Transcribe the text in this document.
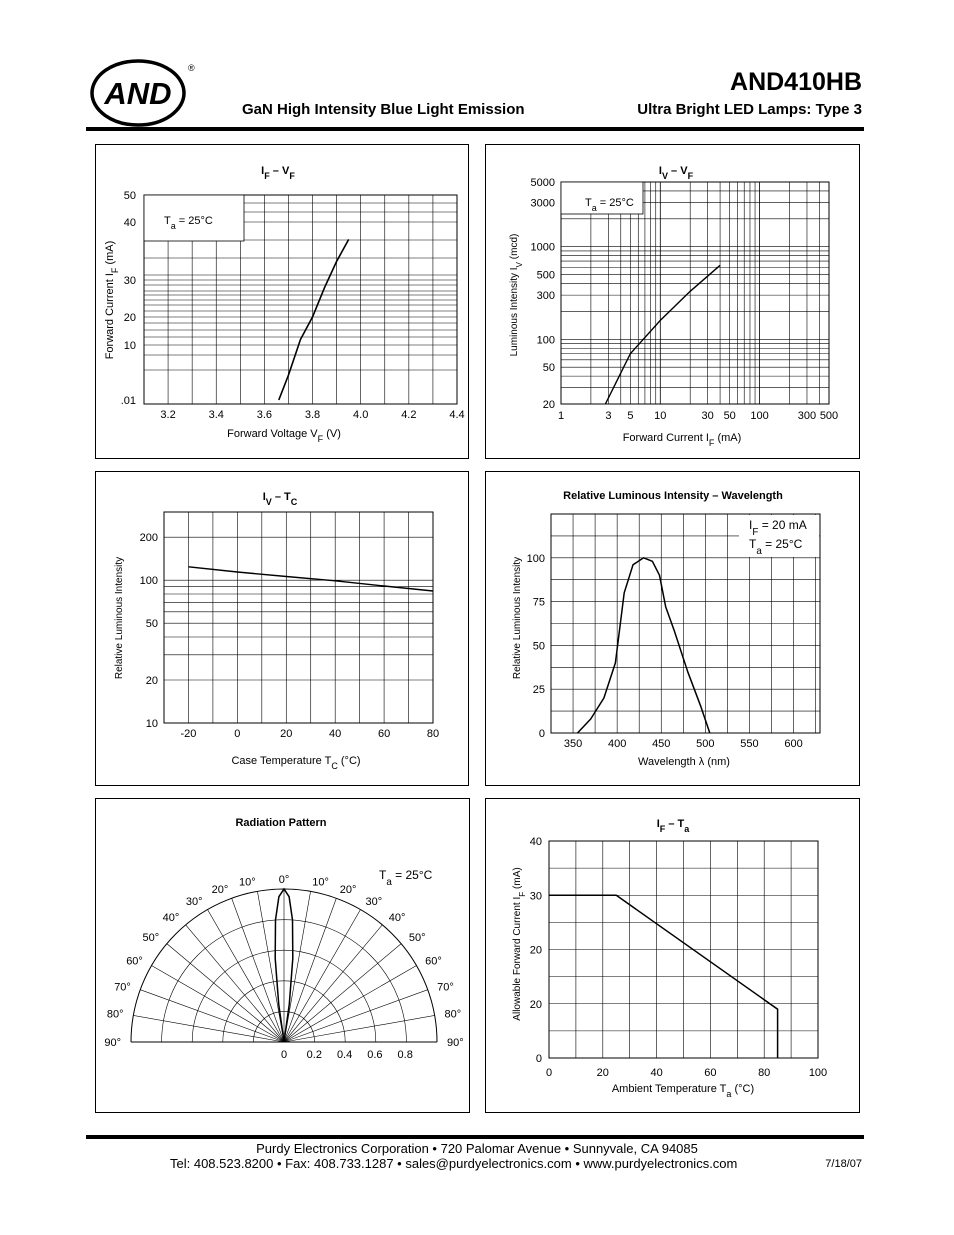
AND
®	AND410HB
GaN High Intensity Blue Light Emission	Ultra Bright LED Lamps: Type 3
$T_a = 25^\circ C$
3.2	3.4	3.6	3.8	4.0	4.2	4.4
.01
10
20
30
40
50
$I_F - V_F$
Forward Voltage $V_F$ (V)
Forward Current $I_F$ (mA)
$T_a = 25^\circ C$
1	3 5 10	30 50 100	300 500
20
50
100
300
500
1000
3000
5000
$I_V - V_F$
Forward Current $I_F$ (mA)
Luminous Intensity $I_V$ (mcd)
-20	0	20	40	60	80
10
20
50
100
200
$I_V - T_C$
Case Temperature $T_C$ (°C)
Relative Luminous Intensity
$I_F = 20$ mA
$T_a = 25^\circ C$
350 400 450 500 550 600
0
25
50
75
100
Relative Luminous Intensity – Wavelength
Wavelength λ (nm)
Relative Luminous Intensity
Radiation Pattern
$T_a = 25^\circ C$
0°
10°
20°
30°
40°
50°
60°
70°
80°
90°
10°
20°
30°
40°
50°
60°
70°
80°
90°
0 0.2 0.4 0.6 0.8
0	20	40	60	80	100
0
20
20
30
40
$I_F - T_a$
Ambient Temperature $T_a$ (°C)
Allowable Forward Current $I_F$ (mA)
Purdy Electronics Corporation • 720 Palomar Avenue • Sunnyvale, CA 94085
Tel: 408.523.8200 • Fax: 408.733.1287 • sales@purdyelectronics.com • www.purdyelectronics.com	7/18/07
